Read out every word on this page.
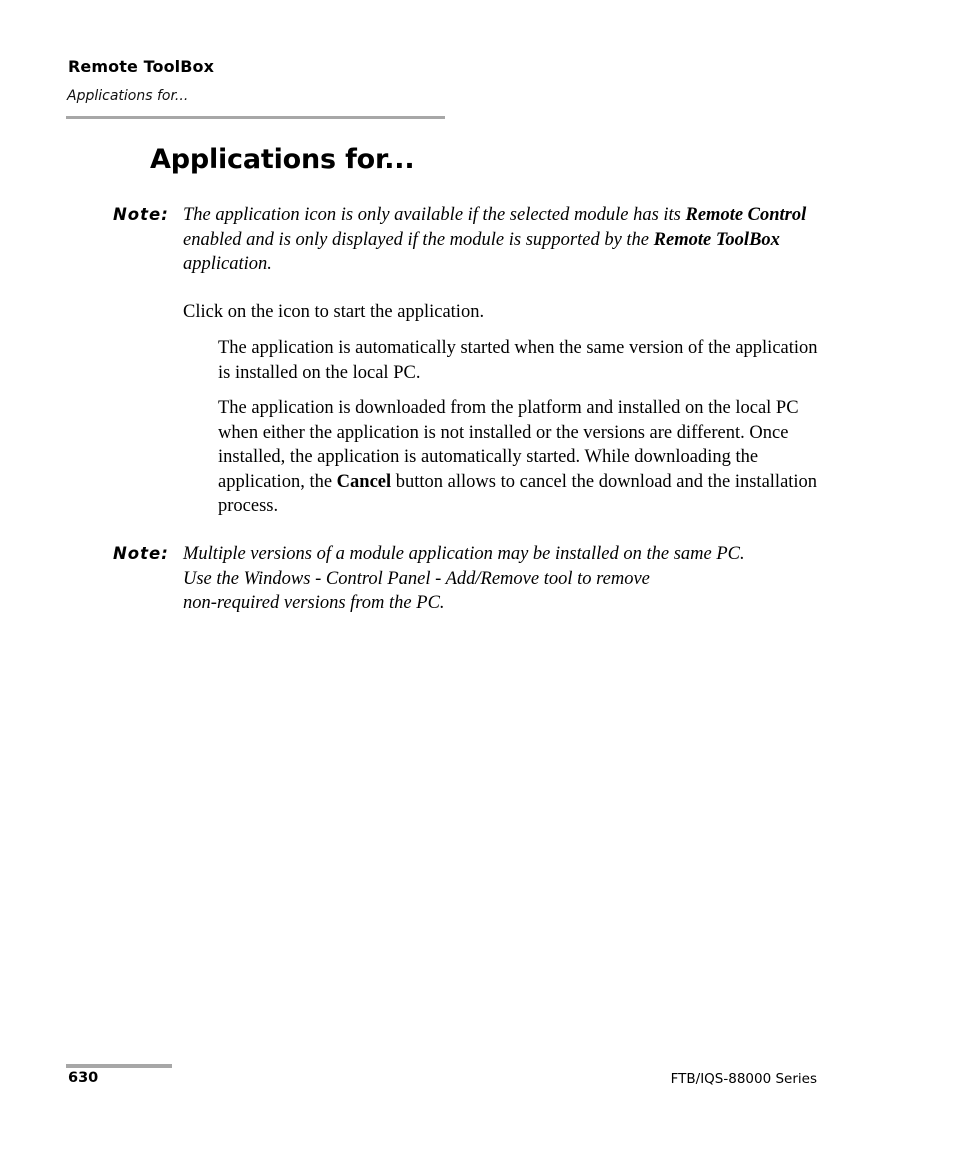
Remote ToolBox
Applications for...
Applications for...
Note: The application icon is only available if the selected module has its Remote Control enabled and is only displayed if the module is supported by the Remote ToolBox application.
Click on the icon to start the application.
The application is automatically started when the same version of the application is installed on the local PC.
The application is downloaded from the platform and installed on the local PC when either the application is not installed or the versions are different. Once installed, the application is automatically started. While downloading the application, the Cancel button allows to cancel the download and the installation process.
Note: Multiple versions of a module application may be installed on the same PC.
Use the Windows - Control Panel - Add/Remove tool to remove
non-required versions from the PC.
630	FTB/IQS-88000 Series
